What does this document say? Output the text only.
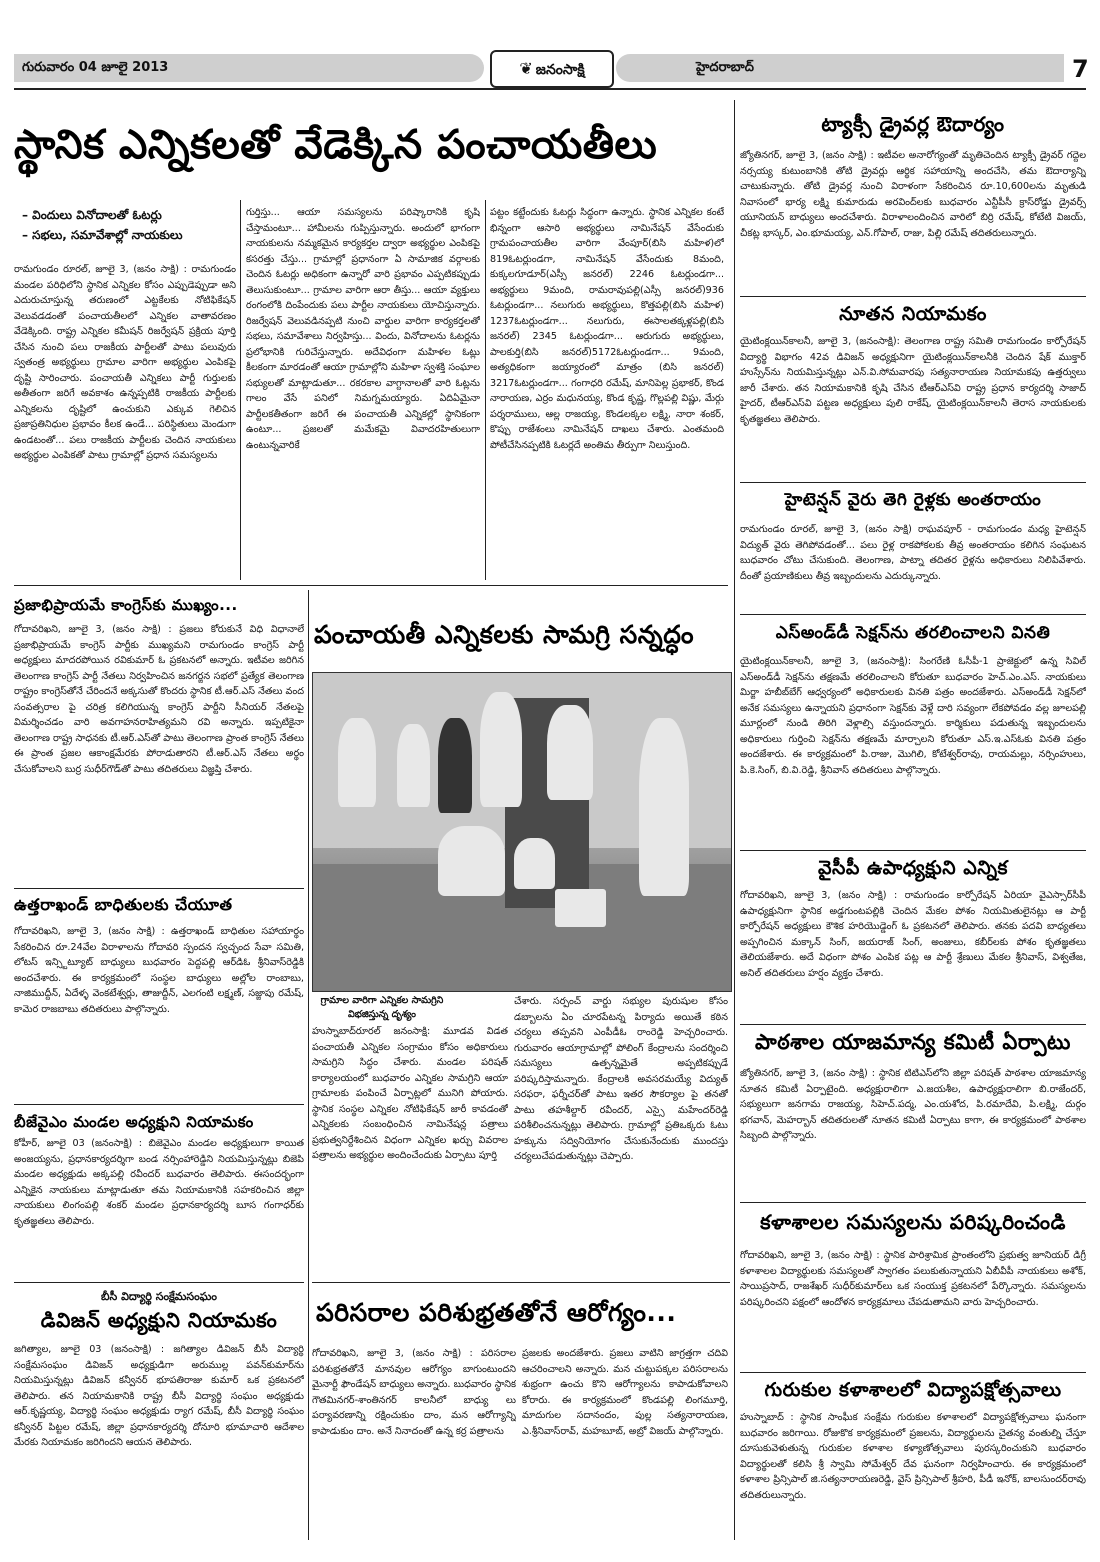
గురువారం 04 జూలై 2013	❦ జనంసాక్షి	హైదరాబాద్	7
స్థానిక ఎన్నికలతో వేడెక్కిన పంచాయతీలు
– విందులు వినోదాలతో ఓటర్లు
– సభలు, సమావేశాల్లో నాయకులు
రామగుండం రూరల్, జూలై 3, (జనం సాక్షి) : రామగుండం మండల పరిధిలోని స్థానిక ఎన్నికల కోసం ఎప్పుడెప్పుడా అని ఎదురుచూస్తున్న తరుణంలో ఎట్టకేలకు నోటిఫికేషన్ వెలువడడంతో పంచాయతీలలో ఎన్నికల వాతావరణం వేడెక్కింది. రాష్ట్ర ఎన్నికల కమీషన్ రిజర్వేషన్ ప్రక్రియ పూర్తి చేసిన నుంచి పలు రాజకీయ పార్టీలతో పాటు పలువురు స్వతంత్ర అభ్యర్థులు గ్రామాల వారిగా అభ్యర్థుల ఎంపికపై దృష్టి సారించారు. పంచాయతీ ఎన్నికలు పార్టీ గుర్తులకు అతీతంగా జరిగే అవకాశం ఉన్నప్పటికి రాజకీయ పార్టీలకు ఎన్నికలను దృష్టిలో ఉంచుకుని ఎక్కువ గెలిచిన ప్రజాప్రతినిధుల ప్రభావం కీలక ఉండే... పరిస్థితులు మెండుగా ఉండటంతో... పలు రాజకీయ పార్టీలకు చెందిన నాయకులు అభ్యర్థుల ఎంపికతో పాటు గ్రామాల్లో ప్రధాన సమస్యలను
గుర్తిస్తు... ఆయా సమస్యలను పరిష్కారానికి కృషి చేస్తామంటూ... హామీలను గుప్పిస్తున్నారు. అందులో భాగంగా నాయకులను నమ్మకమైన కార్యకర్తల ద్వారా అభ్యర్థుల ఎంపికపై కసరత్తు చేస్తు... గ్రామాల్లో ప్రధానంగా ఏ సామాజిక వర్గాలకు చెందిన ఓటర్లు అధికంగా ఉన్నారో వారి ప్రభావం ఎప్పటికప్పుడు తెలుసుకుంటూ... గ్రామాల వారిగా ఆరా తీస్తు... ఆయా వ్యక్తులు రంగంలోకి దింపేందుకు పలు పార్టీల నాయకులు యోచిస్తున్నారు. రిజర్వేషన్ వెలువడినప్పటి నుంచి వార్డుల వారిగా కార్యకర్తలతో సభలు, సమావేశాలు నిర్వహిస్తు... విందు, వినోదాలను ఓటర్లను ప్రలోభానికి గురిచేస్తున్నారు. అదేవిధంగా మహిళల ఓట్లు కీలకంగా మారడంతో ఆయా గ్రామాల్లోని మహిళా స్వశక్తి సంఘాల సభ్యులతో మాట్లాడుతూ... రకరకాల వాగ్దానాలతో వారి ఓట్లను గాలం వేసే పనిలో నిమగ్నమయ్యారు. ఏదిఏమైనా పార్టీలకతీతంగా జరిగే ఈ పంచాయతీ ఎన్నికల్లో స్థానికంగా ఉంటూ... ప్రజలతో మమేకమై వివాదరహితులుగా ఉంటున్నవారికే
పట్టం కట్టేందుకు ఓటర్లు సిద్ధంగా ఉన్నారు. స్థానిక ఎన్నికల కంటే భిన్నంగా ఆసారి అభ్యర్థులు నామినేషన్ వేసేందుకు గ్రామపంచాయతీల వారిగా వేంపూర్(బిసి మహిళ)లో 819ఓటర్లుండగా, నామినేషన్ వేసేందుకు 8మంది, కుక్కలగూడూర్(ఎస్సీ జనరల్) 2246 ఓటర్లుండగా... అభ్యర్థులు 9మంది, రామరావుపల్లి(ఎస్సీ జనరల్)936 ఓటర్లుండగా... నలుగురు అభ్యర్థులు, కొత్తపల్లి(బిసి మహిళ) 1237ఓటర్లుండగా... నలుగురు, ఈసాలతక్కళ్లపల్లి(బిసి జనరల్) 2345 ఓటర్లుండగా... ఆరుగురు అభ్యర్థులు, పాలకుర్తి(బిసి జనరల్)5172ఓటర్లుండగా... 9మంది, అత్యధికంగా జయ్యారంలో మాత్రం (బిసి జనరల్) 3217ఓటర్లుండగా... గంగాధరి రమేష్, మానిపెల్ల ప్రభాకర్, కొండ నారాయణ, ఎర్రం మధునయ్య, కొండ కృష్ణ, గొల్లపల్లి విష్ణు, మేర్గు పర్శరాములు, ఆల్ల రాజయ్య, కొండలక్కల లక్ష్మి, నారా శంకర్, కొప్పు రాజేశంలు నామినేషన్ దాఖలు చేశారు. ఎంతమంది పోటీచేసినప్పటికి ఓటర్లదే అంతిమ తీర్పుగా నిలుస్తుంది.
ప్రజాభిప్రాయమే కాంగ్రెస్‌కు ముఖ్యం...
గోదావరిఖని, జూలై 3, (జనం సాక్షి) : ప్రజలు కోరుకునే విధి విధానాలే ప్రజాభిప్రాయమే కాంగ్రెస్ పార్టీకు ముఖ్యమని రామగుండం కాంగ్రెస్ పార్టీ అధ్యక్షులు మాదరపోయిన రవికుమార్ ఓ ప్రకటనలో అన్నారు. ఇటీవల జరిగిన తెలంగాణ కాంగ్రెస్ పార్టీ నేతలు నిర్వహించిన జనగర్జన సభలో ప్రత్యేక తెలంగాణ రాష్ట్రం కాంగ్రెస్‌తోనే చేరిందనే అక్కసుతో కొందరు స్థానిక టీ.ఆర్.ఎస్ నేతలు వంద సంవత్సరాల పై చరిత్ర కలిగియున్న కాంగ్రెస్ పార్టీని సీనియర్ నేతలపై విమర్శించడం వారి అవగాహనరాహిత్యమని రవి అన్నారు. ఇప్పటికైనా తెలంగాణ రాష్ట్ర సాధనకు టీ.ఆర్.ఎస్‌తో పాటు తెలంగాణ ప్రాంత కాంగ్రెస్ నేతలు ఈ ప్రాంత ప్రజల ఆకాంక్షమేరకు పోరాడుతారని టీ.ఆర్.ఎస్ నేతలు అర్థం చేసుకోవాలని బుర్ర సుధీర్‌గౌడ్‌తో పాటు తదితరులు విజ్ఞప్తి చేశారు.
ఉత్తరాఖండ్ బాధితులకు చేయూత
గోదావరిఖని, జూలై 3, (జనం సాక్షి) : ఉత్తరాఖండ్ బాధితుల సహాయార్థం సేకరించిన రూ.24వేల విరాళాలను గోదావరి స్పందన స్వచ్ఛంద సేవా సమితి, లోటస్ ఇన్స్టిట్యూట్ బాధ్యులు బుధవారం పెద్దపల్లి ఆర్‌డిఓ శ్రీనివాస్‌రెడ్డికి అందచేశారు. ఈ కార్యక్రమంలో సంస్థల బాధ్యులు అల్లోల రాంబాబు, నాజిముద్దీన్, ఏదేళ్ళ వెంకటేశ్వర్లు, తాజుద్దీన్, ఎలగంటి లక్ష్మణ్, సజ్జాపు రమేష్, కామెర రాజబాబు తదితరులు పాల్గొన్నారు.
బీజేవైఎం మండల అధ్యక్షుని నియామకం
కోహీర్, జూలై 03 (జనంసాక్షి) : బిజెవైఎం మండల అధ్యక్షులుగా కాయిత అంజయ్యను, ప్రధానకార్యదర్శిగా బండ నర్సింహారెడ్డిని నియమిస్తున్నట్లు బిజెపి మండల అధ్యక్షుడు అక్కపల్లి రవీందర్ బుధవారం తెలిపారు. ఈసందర్భంగా ఎన్నికైన నాయకులు మాట్లాడుతూ తమ నియామకానికి సహకరించిన జిల్లా నాయకులు లింగంపల్లి శంకర్ మండల ప్రధానకార్యదర్శి బూస గంగాధర్‌కు కృతజ్ఞతలు తెలిపారు.
బీసీ విద్యార్థి సంక్షేమసంఘం
డివిజన్ అధ్యక్షుని నియామకం
జగిత్యాల, జూలై 03 (జనంసాక్షి) : జగిత్యాల డివిజన్ బీసీ విద్యార్థి సంక్షేమసంఘం డివిజన్ అధ్యక్షుడిగా అరుముల్ల పవన్‌కుమార్‌ను నియమిస్తున్నట్లు డివిజన్ కన్వీనర్ భూపతిరాజు కుమార్ ఒక ప్రకటనలో తెలిపారు. తన నియామకానికి రాష్ట్ర బీసీ విద్యార్థి సంఘం అధ్యక్షుడు ఆర్.కృష్ణయ్య, విద్యార్థి సంఘం అధ్యక్షుడు ర్యాగ రమేష్, బీసీ విద్యార్థి సంఘం కన్వీనర్ పిట్టల రమేష్, జిల్లా ప్రధానకార్యదర్శి దోనూరి భూమాచారి ఆదేశాల మేరకు నియామకం జరిగిందని ఆయన తెలిపారు.
పంచాయతీ ఎన్నికలకు సామగ్రి సన్నద్ధం
గ్రామాల వారిగా ఎన్నికల సామగ్రిని విభజిస్తున్న దృశ్యం
హుస్నాబాద్‌రూరల్ జనంసాక్షి: మూడవ విడత పంచాయతీ ఎన్నికల సంగ్రామం కోసం అధికారులు సామగ్రిని సిద్ధం చేశారు. మండల పరిషత్ కార్యాలయంలో బుధవారం ఎన్నికల సామగ్రిని ఆయా గ్రామాలకు పంపించే ఏర్పాట్లలో మునిగి పోయారు. స్థానిక సంస్థల ఎన్నికల నోటిఫికేషన్ జారీ కావడంతో ఎన్నికలకు సంబంధించిన నామినేషన్ల పత్రాలు ప్రభుత్వనిర్దేశించిన విధంగా ఎన్నికల ఖర్చు వివరాల పత్రాలను అభ్యర్థుల అందించేందుకు ఏర్పాటు పూర్తి
చేశారు. సర్పంచ్ వార్డు సభ్యుల పురుషుల కోసం డబ్బాలను ఏం చూరపేటన్న పిర్యాదు అయితే కఠిన చర్యలు తప్పవని ఎంపీడీఓ రాంరెడ్డి హెచ్చరించారు. గురువారం ఆయాగ్రామాల్లో పోలింగ్ కేంద్రాలను సందర్శించి సమస్యలు ఉత్పన్నమైతే అప్పటికప్పుడే పరిష్కరిస్తామన్నారు. కేంద్రాలకి అవసరమయ్యే విద్యుత్ సరఫరా, ఫర్నీచర్‌తో పాటు ఇతర సౌకర్యాల పై తనతో పాటు తహశీల్దార్ రవీందర్, ఎస్సై మహేందర్‌రెడ్డి పరిశీలించనున్నట్లు తెలిపారు. గ్రామాల్లో ప్రతిఒక్కరు ఓటు హక్కును సద్వినియోగం చేసుకునేందుకు ముందస్తు చర్యలుచేపడుతున్నట్లు చెప్పారు.
పరిసరాల పరిశుభ్రతతోనే ఆరోగ్యం...
గోదావరిఖని, జూలై 3, (జనం సాక్షి) : పరిసరాల పరిశుభ్రతతోనే మానవుల ఆరోగ్యం బాగుంటుందని మైనార్టీ ఫౌండేషన్ బాధ్యులు అన్నారు. బుధవారం స్థానిక గౌతమినగర్-శాంతినగర్ కాలనీలో బాధ్యు లు పర్యావరణాన్ని రక్షించుకుం దాం, మన ఆరోగ్యాన్ని కాపాడుకుం దాం. అనే నినాదంతో ఉన్న కర్ర పత్రాలను
ప్రజలకు అందజేశారు. ప్రజలు వాటిని జాగ్రత్తగా చదివి ఆచరించాలని అన్నారు. మన చుట్టుపక్కల పరిసరాలను శుభ్రంగా ఉంచు కొని ఆరోగ్యాలను కాపాడుకోవాలని కోరారు. ఈ కార్యక్రమంలో కొండపల్లి లింగమూర్తి, మాదుగుల సదానందం, పుల్ల సత్యనారాయణ, ఎ.శ్రీనివాస్‌రావ్, మహబూబ్, అబ్రో విజయ్ పాల్గొన్నారు.
ట్యాక్సీ డ్రైవర్ల ఔదార్యం
జ్యోతినగర్, జూలై 3, (జనం సాక్షి) : ఇటీవల అనారోగ్యంతో మృతిచెందిన ట్యాక్సీ డ్రైవర్ గద్దెల నర్సయ్య కుటుంబానికి తోటి డ్రైవర్లు ఆర్థిక సహాయాన్ని అందచేసి, తమ ఔదార్యాన్ని చాటుకున్నారు. తోటి డ్రైవర్ల నుంచి విరాళంగా సేకరించిన రూ.10,600లను మృతుడి నివాసంలో భార్య లక్ష్మి కుమారుడు అరవింద్‌లకు బుధవారం ఎన్టీపీసీ క్రాస్‌రోడ్డు డ్రైవర్స్ యూనియన్ బాధ్యులు అందచేశారు. విరాళాలందించిన వారిలో బిర్రి రమేష్, కోటేటి విజయ్, చీకట్ల భాస్కర్, ఎం.భూమయ్య, ఎన్.గోపాల్, రాజు, పిల్లి రమేష్ తదితరులున్నారు.
నూతన నియామకం
యైటింక్లయిన్‌కాలనీ, జూలై 3, (జనంసాక్షి): తెలంగాణ రాష్ట్ర సమితి రామగుండం కార్పోరేషన్ విద్యార్థి విభాగం 42వ డివిజన్ అధ్యక్షునిగా యైటింక్లయిన్‌కాలనీకి చెందిన షేక్ ముక్తార్ హుస్సేన్‌ను నియమిస్తున్నట్లు ఎన్.వి.సోమవారపు సత్యనారాయణ నియామకపు ఉత్తర్వులు జారీ చేశారు. తన నియామకానికి కృషి చేసిన టీఆర్‌ఎస్‌వి రాష్ట్ర ప్రధాన కార్యదర్శి సాజాద్ హైదర్, టీఆర్‌ఎస్‌వి పట్టణ అధ్యక్షులు పులి రాకేష్, యైటింక్లయిన్‌కాలనీ తెరాస నాయకులకు కృతజ్ఞతలు తెలిపారు.
హైటెన్షన్ వైరు తెగి రైళ్లకు అంతరాయం
రామగుండం రూరల్, జూలై 3, (జనం సాక్షి) రాఘవపూర్ - రామగుండం మధ్య హైటెన్షన్ విద్యుత్ వైరు తెగిపోవడంతో... పలు రైళ్ల రాకపోకలకు తీవ్ర అంతరాయం కలిగిన సంఘటన బుధవారం చోటు చేసుకుంది. తెలంగాణ, పాట్నా తదితర రైళ్లను అధికారులు నిలిపివేశారు. దీంతో ప్రయాణికులు తీవ్ర ఇబ్బందులను ఎదుర్కున్నారు.
ఎస్‌అండ్‌డీ సెక్షన్‌ను తరలించాలని వినతి
యైటింక్లయిన్‌కాలనీ, జూలై 3, (జనంసాక్షి): సింగరేణి ఓసీపీ-1 ప్రాజెక్టులో ఉన్న సివిల్ ఎస్‌అండ్‌డీ సెక్షన్‌ను తక్షణమే తరలించాలని కోరుతూ బుధవారం హెచ్.ఎం.ఎస్. నాయకులు మిర్జా హబీబ్‌బేగ్ ఆధ్వర్యంలో అధికారులకు వినతి పత్రం అందజేశారు. ఎస్‌అండ్‌డీ సెక్షన్‌లో అనేక సమస్యలు ఉన్నాయని ప్రధానంగా సెక్షన్‌కు వెళ్లే దారి సవ్యంగా లేకపోవడం వల్ల జూలపల్లి మూర్లంలో నుండి తిరిగి వెళ్లాల్సి వస్తుందన్నారు. కార్మికులు పడుతున్న ఇబ్బందులను అధికారులు గుర్తించి సెక్షన్‌ను తక్షణమే మార్చాలని కోరుతూ ఎస్.ఇ.ఎస్‌ఓకు వినతి పత్రం అందజేశారు. ఈ కార్యక్రమంలో పి.రాజు, మొగిలి, కోటేశ్వర్‌రావు, రాయమల్లు, నర్సింహులు, పి.కె.సింగ్, బి.వి.రెడ్డి, శ్రీనివాస్ తదితరులు పాల్గొన్నారు.
వైసీపీ ఉపాధ్యక్షుని ఎన్నిక
గోదావరిఖని, జూలై 3, (జనం సాక్షి) : రామగుండం కార్పోరేషన్ ఏరియా వైఎస్సార్‌సీపీ ఉపాధ్యక్షునిగా స్థానిక అడ్డగుంటపల్లికి చెందిన మేకల పోశం నియమితులైనట్లు ఆ పార్టీ కార్పోరేషన్ అధ్యక్షులు కౌశిక హరియెుడ్డెంగ్ ఓ ప్రకటనలో తెలిపారు. తనకు పదవి బాధ్యతలు అప్పగించిన మక్కాన్ సింగ్, జయరాజ్ సింగ్, అంజులు, కబీర్‌లకు పోశం కృతజ్ఞతలు తెలియజేశారు. అదే విధంగా పోశం ఎంపిక పట్ల ఆ పార్టీ శ్రేణులు మేకల శ్రీనివాస్, విశ్వతేజ, అనిల్ తదితరులు హర్షం వ్యక్తం చేశారు.
పాఠశాల యాజమాన్య కమిటీ ఏర్పాటు
జ్యోతినగర్, జూలై 3, (జనం సాక్షి) : స్థానిక టిటిఎస్‌లోని జిల్లా పరిషత్ పాఠశాల యాజమాన్య నూతన కమిటీ ఏర్పాటైంది. అధ్యక్షురాలిగా ఎ.జయశీల, ఉపాధ్యక్షురాలిగా బి.రాజేందర్, సభ్యులుగా జనగామ రాజయ్య, సిహెచ్.పద్మ, ఎం.యశోద, పి.రమాదేవి, పి.లక్ష్మి, దుర్గం భగవాన్, మెహర్బాన్ తదితరులతో నూతన కమిటీ ఏర్పాటు కాగా, ఈ కార్యక్రమంలో పాఠశాల సిబ్బంది పాల్గొన్నారు.
కళాశాలల సమస్యలను పరిష్కరించండి
గోదావరిఖని, జూలై 3, (జనం సాక్షి) : స్థానిక పారిశ్రామిక ప్రాంతంలోని ప్రభుత్వ జూనియర్ డిగ్రీ కళాశాలల విద్యార్థులకు సమస్యలతో స్వాగతం పలుకుతున్నాయని ఏబీవీపీ నాయకులు అశోక్, సాయిప్రసాద్, రాజశేఖర్ సుధీర్‌కుమార్‌లు ఒక సంయుక్త ప్రకటనలో పేర్కొన్నారు. సమస్యలను పరిష్కరించని పక్షంలో ఆందోళన కార్యక్రమాలు చేపడుతామని వారు హెచ్చరించారు.
గురుకుల కళాశాలలో విద్యాపక్షోత్సవాలు
హుస్నాబాద్ : స్థానిక సాంఘీక సంక్షేమ గురుకుల కళాశాలలో విద్యాపక్షోత్సవాలు ఘనంగా బుధవారం జరిగాయి. రోజుకొక కార్యక్రమంలో ప్రజలను, విద్యార్థులను చైతన్య వంతుల్ని చేస్తూ దూసుకువెళుతున్న గురుకుల కళాశాల కళ్యాణోత్సవాలు పురస్కరించుకుని బుధవారం విద్యార్థులతో కలిసి శ్రీ స్వామి సోమేశ్వర్ దేవ ఘనంగా నిర్వహించారు. ఈ కార్యక్రమంలో కళాశాల ప్రిన్సిపాల్ జి.సత్యనారాయణరెడ్డి, వైస్ ప్రిన్సిపాల్ శ్రీహరి, పీడీ ఇనోక్, బాలసుందర్‌రావు తదితరులున్నారు.
